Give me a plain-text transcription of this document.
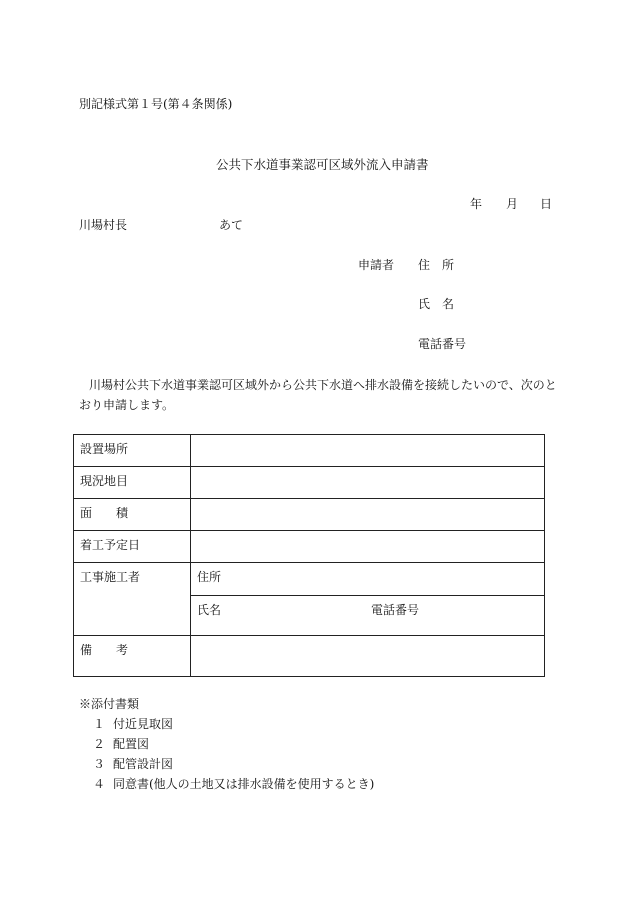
別記様式第１号(第４条関係)
公共下水道事業認可区域外流入申請書
年 月 日
川場村長	あて
申請者 住　所
氏　名
電話番号
川場村公共下水道事業認可区域外から公共下水道へ排水設備を接続したいので、次のと
おり申請します。
設置場所	
現況地目	
面　　積	
着工予定日	
工事施工者	住所
	氏名 電話番号

備　　考	
※添付書類
１ 付近見取図
２ 配置図
３ 配管設計図
４ 同意書(他人の土地又は排水設備を使用するとき)
